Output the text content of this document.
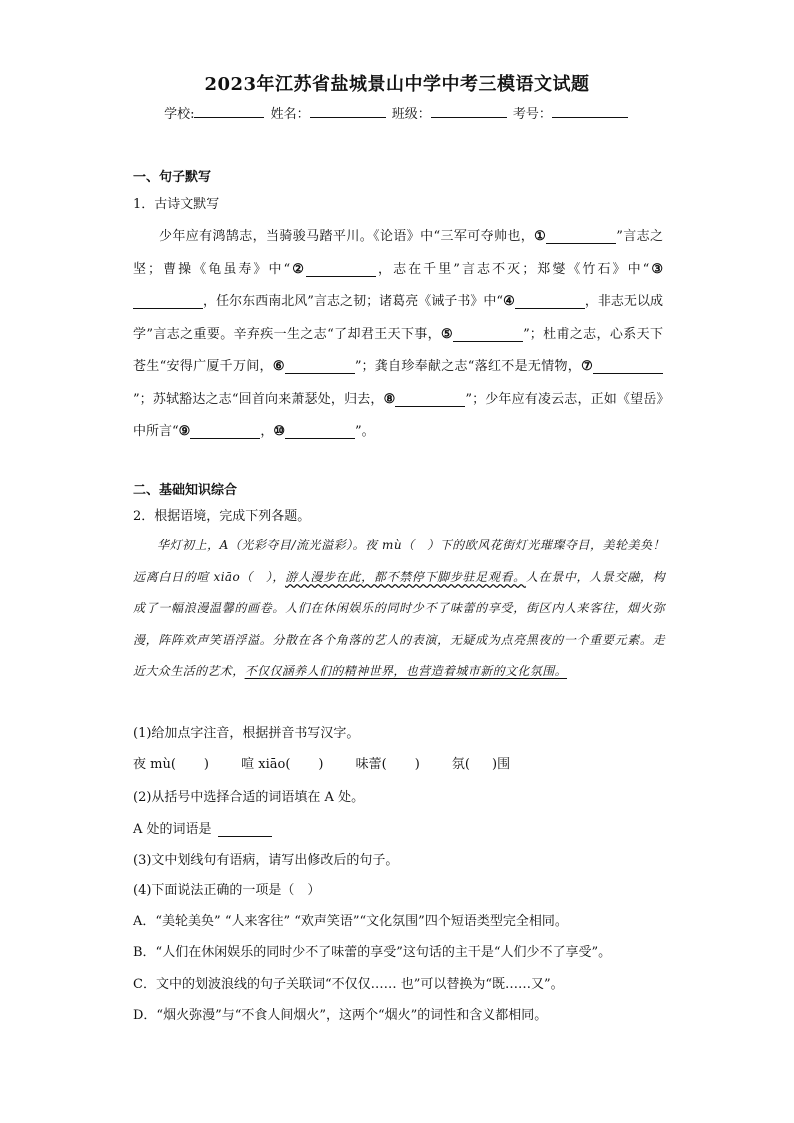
2023年江苏省盐城景山中学中考三模语文试题
学校:	姓名：	班级：	考号：
一、句子默写
1．古诗文默写
少年应有鸿鹄志，当骑骏马踏平川。《论语》中“三军可夺帅也，①	”言志之坚；曹操《龟虽寿》中“②	，志在千里”言志不灭；郑燮《竹石》中“③，任尔东西南北风”言志之韧；诸葛亮《诫子书》中“④	，非志无以成学”言志之重要。辛弃疾一生之志“了却君王天下事，⑤	”；杜甫之志，心系天下苍生“安得广厦千万间，⑥	”；龚自珍奉献之志“落红不是无情物，⑦”；苏轼豁达之志“回首向来萧瑟处，归去，⑧	”；少年应有凌云志，正如《望岳》中所言“⑨	，⑩	”。
二、基础知识综合
2．根据语境，完成下列各题。
华灯初上，A（光彩夺目/流光溢彩）。夜 mù（　）下的欧风花街灯光璀璨夺目，美轮美奂！远离白日的喧 xiāo（　），游人漫步在此，都不禁停下脚步驻足观看。人在景中，人景交融，构成了一幅浪漫温馨的画卷。人们在休闲娱乐的同时少不了味蕾的享受，街区内人来客往，烟火弥漫，阵阵欢声笑语浮溢。分散在各个角落的艺人的表演，无疑成为点亮黑夜的一个重要元素。走近大众生活的艺术，不仅仅涵养人们的精神世界，也营造着城市新的文化氛围。
(1)给加点字注音，根据拼音书写汉字。
夜 mù( ) 喧 xiāo( ) 味蕾( ) 氛( )围
(2)从括号中选择合适的词语填在 A 处。
A 处的词语是
(3)文中划线句有语病，请写出修改后的句子。
(4)下面说法正确的一项是（　）
A．“美轮美奂” “人来客往” “欢声笑语”“文化氛围”四个短语类型完全相同。
B．“人们在休闲娱乐的同时少不了味蕾的享受”这句话的主干是“人们少不了享受”。
C．文中的划波浪线的句子关联词“不仅仅…… 也”可以替换为“既……又”。
D．“烟火弥漫”与“不食人间烟火”，这两个“烟火”的词性和含义都相同。
